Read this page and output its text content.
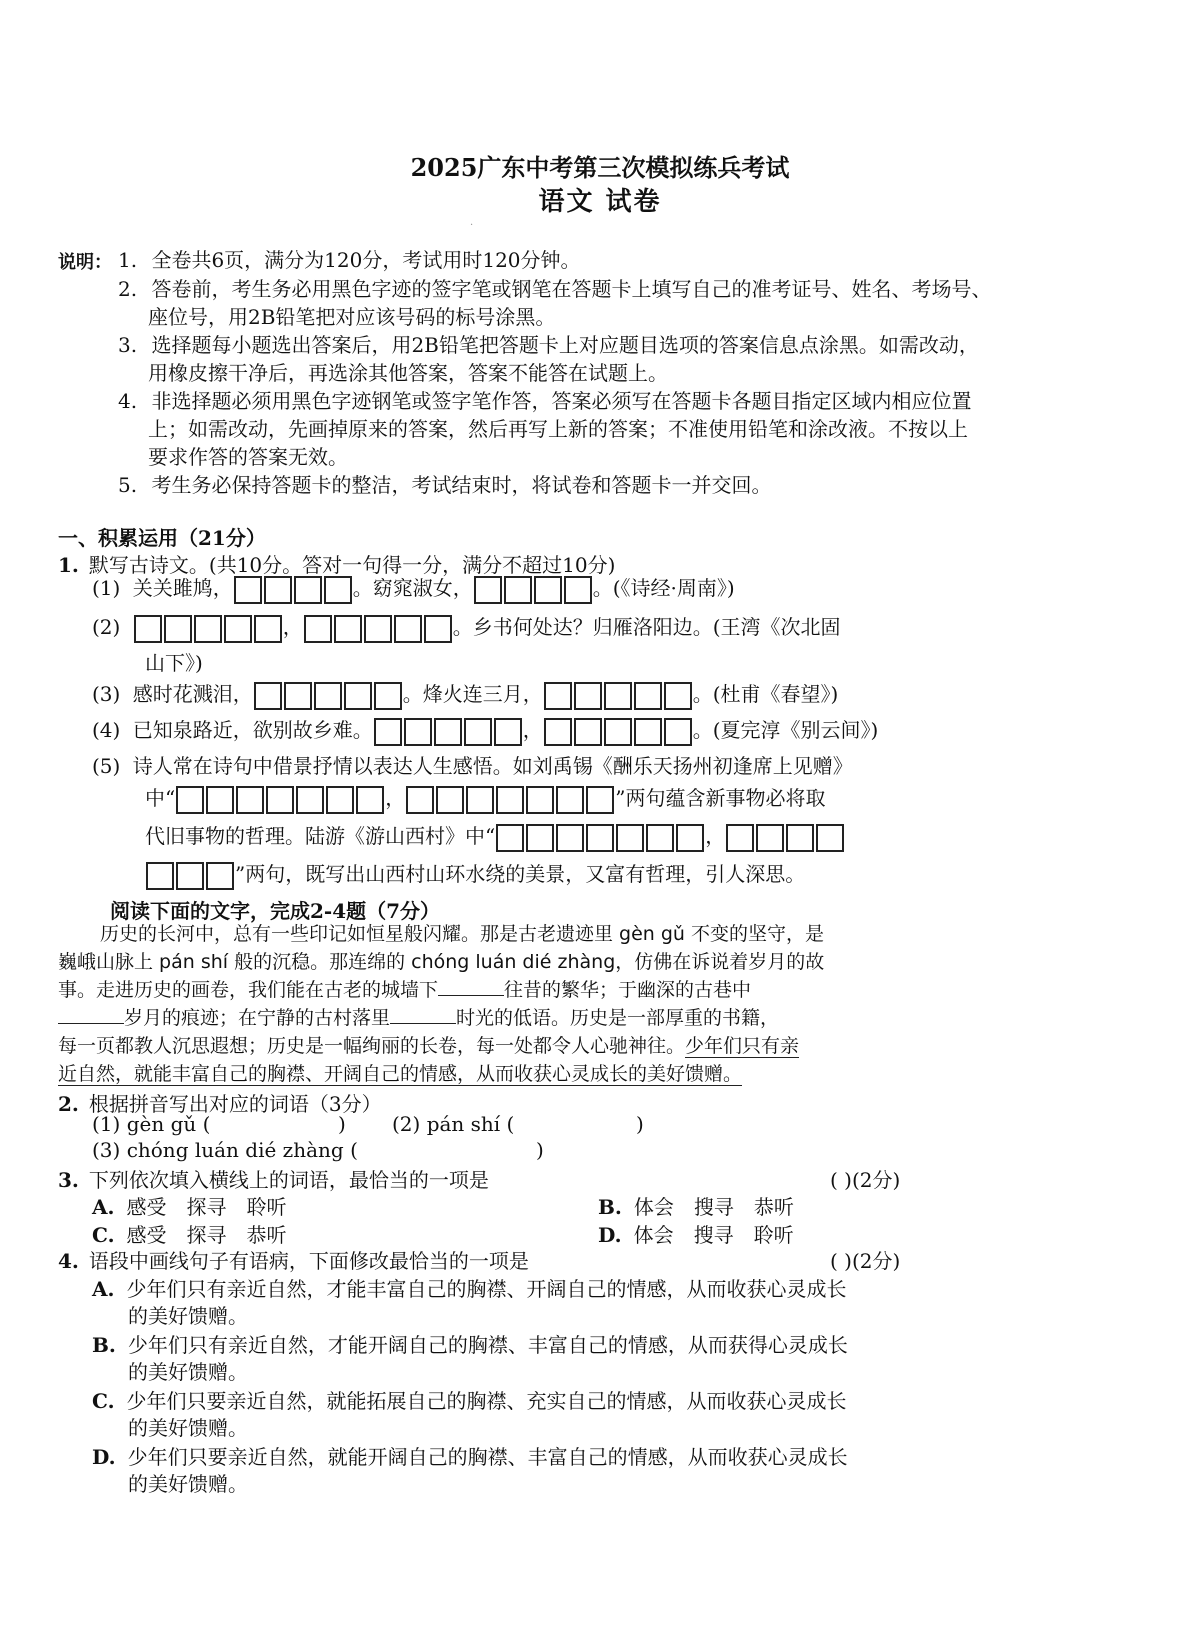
2025广东中考第三次模拟练兵考试
语文 试卷
·
说明： 1. 全卷共6页，满分为120分，考试用时120分钟。
2. 答卷前，考生务必用黑色字迹的签字笔或钢笔在答题卡上填写自己的准考证号、姓名、考场号、
座位号，用2B铅笔把对应该号码的标号涂黑。
3. 选择题每小题选出答案后，用2B铅笔把答题卡上对应题目选项的答案信息点涂黑。如需改动，
用橡皮擦干净后，再选涂其他答案，答案不能答在试题上。
4. 非选择题必须用黑色字迹钢笔或签字笔作答，答案必须写在答题卡各题目指定区域内相应位置
上；如需改动，先画掉原来的答案，然后再写上新的答案；不准使用铅笔和涂改液。不按以上
要求作答的答案无效。
5. 考生务必保持答题卡的整洁，考试结束时，将试卷和答题卡一并交回。
一、积累运用（21分）
1. 默写古诗文。(共10分。答对一句得一分，满分不超过10分)
(1) 关关雎鸠，	。窈窕淑女，	。(《诗经·周南》)
(2)	，	。乡书何处达？归雁洛阳边。(王湾《次北固
山下》)
(3) 感时花溅泪，	。烽火连三月，	。(杜甫《春望》)
(4) 已知泉路近，欲别故乡难。	，	。(夏完淳《别云间》)
(5) 诗人常在诗句中借景抒情以表达人生感悟。如刘禹锡《酬乐天扬州初逢席上见赠》
中“	，	”两句蕴含新事物必将取
代旧事物的哲理。陆游《游山西村》中“	，
”两句，既写出山西村山环水绕的美景，又富有哲理，引人深思。
阅读下面的文字，完成2-4题（7分）
历史的长河中，总有一些印记如恒星般闪耀。那是古老遗迹里 gèn gǔ 不变的坚守，是
巍峨山脉上 pán shí 般的沉稳。那连绵的 chóng luán dié zhàng，仿佛在诉说着岁月的故
事。走进历史的画卷，我们能在古老的城墙下	往昔的繁华；于幽深的古巷中
岁月的痕迹；在宁静的古村落里	时光的低语。历史是一部厚重的书籍，
每一页都教人沉思遐想；历史是一幅绚丽的长卷，每一处都令人心驰神往。少年们只有亲
近自然，就能丰富自己的胸襟、开阔自己的情感，从而收获心灵成长的美好馈赠。
2. 根据拼音写出对应的词语（3分）
(1) gèn gǔ (	) (2) pán shí (	)
(3) chóng luán dié zhàng (	)
3. 下列依次填入横线上的词语，最恰当的一项是	( )(2分)
A. 感受　探寻　聆听	B. 体会　搜寻　恭听
C. 感受　探寻　恭听	D. 体会　搜寻　聆听
4. 语段中画线句子有语病，下面修改最恰当的一项是	( )(2分)
A. 少年们只有亲近自然，才能丰富自己的胸襟、开阔自己的情感，从而收获心灵成长
的美好馈赠。
B. 少年们只有亲近自然，才能开阔自己的胸襟、丰富自己的情感，从而获得心灵成长
的美好馈赠。
C. 少年们只要亲近自然，就能拓展自己的胸襟、充实自己的情感，从而收获心灵成长
的美好馈赠。
D. 少年们只要亲近自然，就能开阔自己的胸襟、丰富自己的情感，从而收获心灵成长
的美好馈赠。
